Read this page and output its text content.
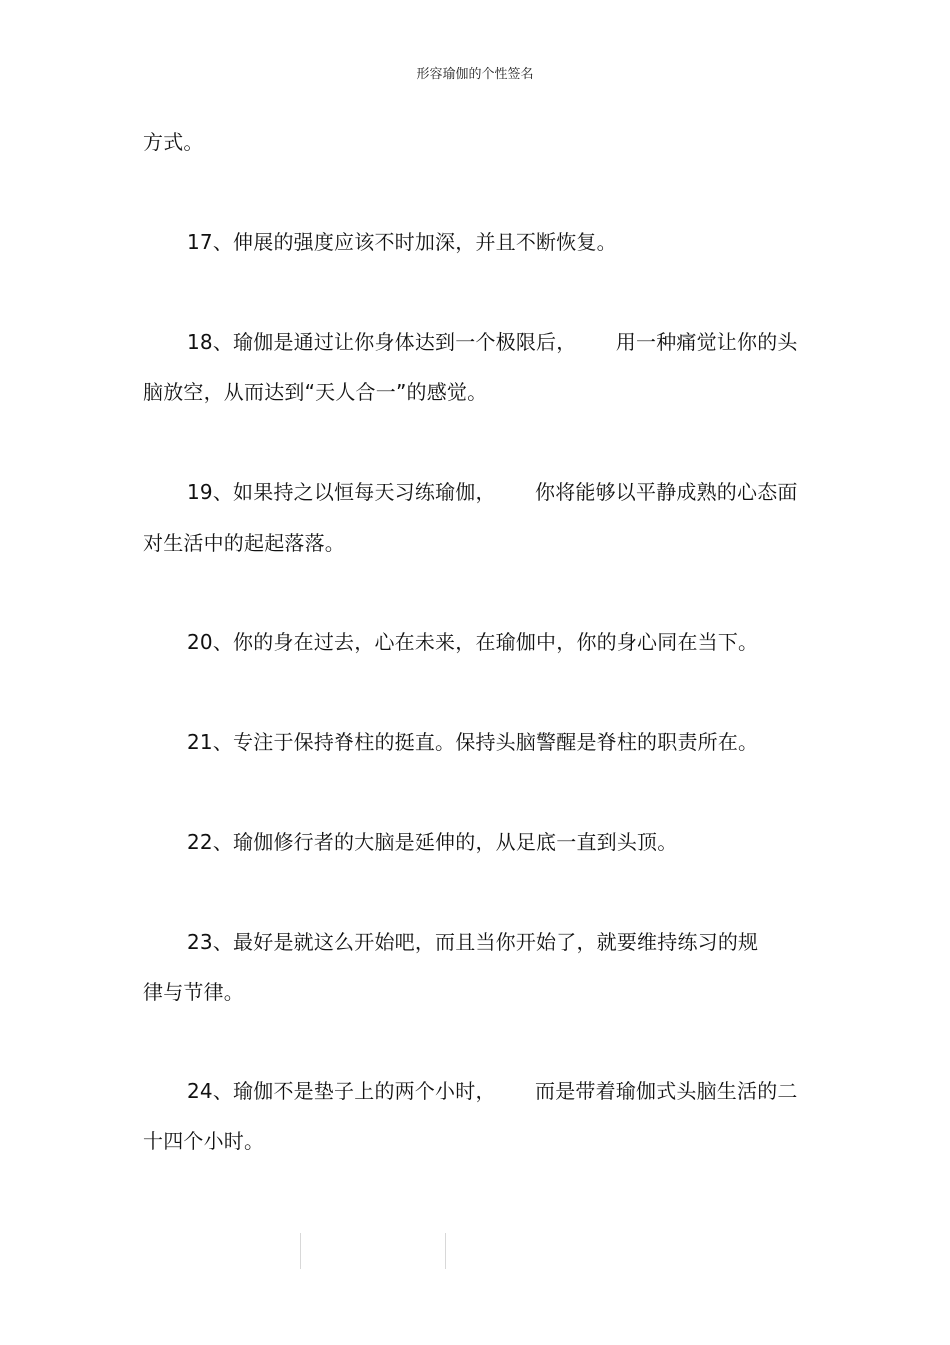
形容瑜伽的个性签名
方式。
17、伸展的强度应该不时加深，并且不断恢复。
18、瑜伽是通过让你身体达到一个极限后，      用一种痛觉让你的头
脑放空，从而达到“天人合一”的感觉。
19、如果持之以恒每天习练瑜伽，      你将能够以平静成熟的心态面
对生活中的起起落落。
20、你的身在过去，心在未来，在瑜伽中，你的身心同在当下。
21、专注于保持脊柱的挺直。保持头脑警醒是脊柱的职责所在。
22、瑜伽修行者的大脑是延伸的，从足底一直到头顶。
23、最好是就这么开始吧，而且当你开始了，就要维持练习的规
律与节律。
24、瑜伽不是垫子上的两个小时，      而是带着瑜伽式头脑生活的二
十四个小时。
